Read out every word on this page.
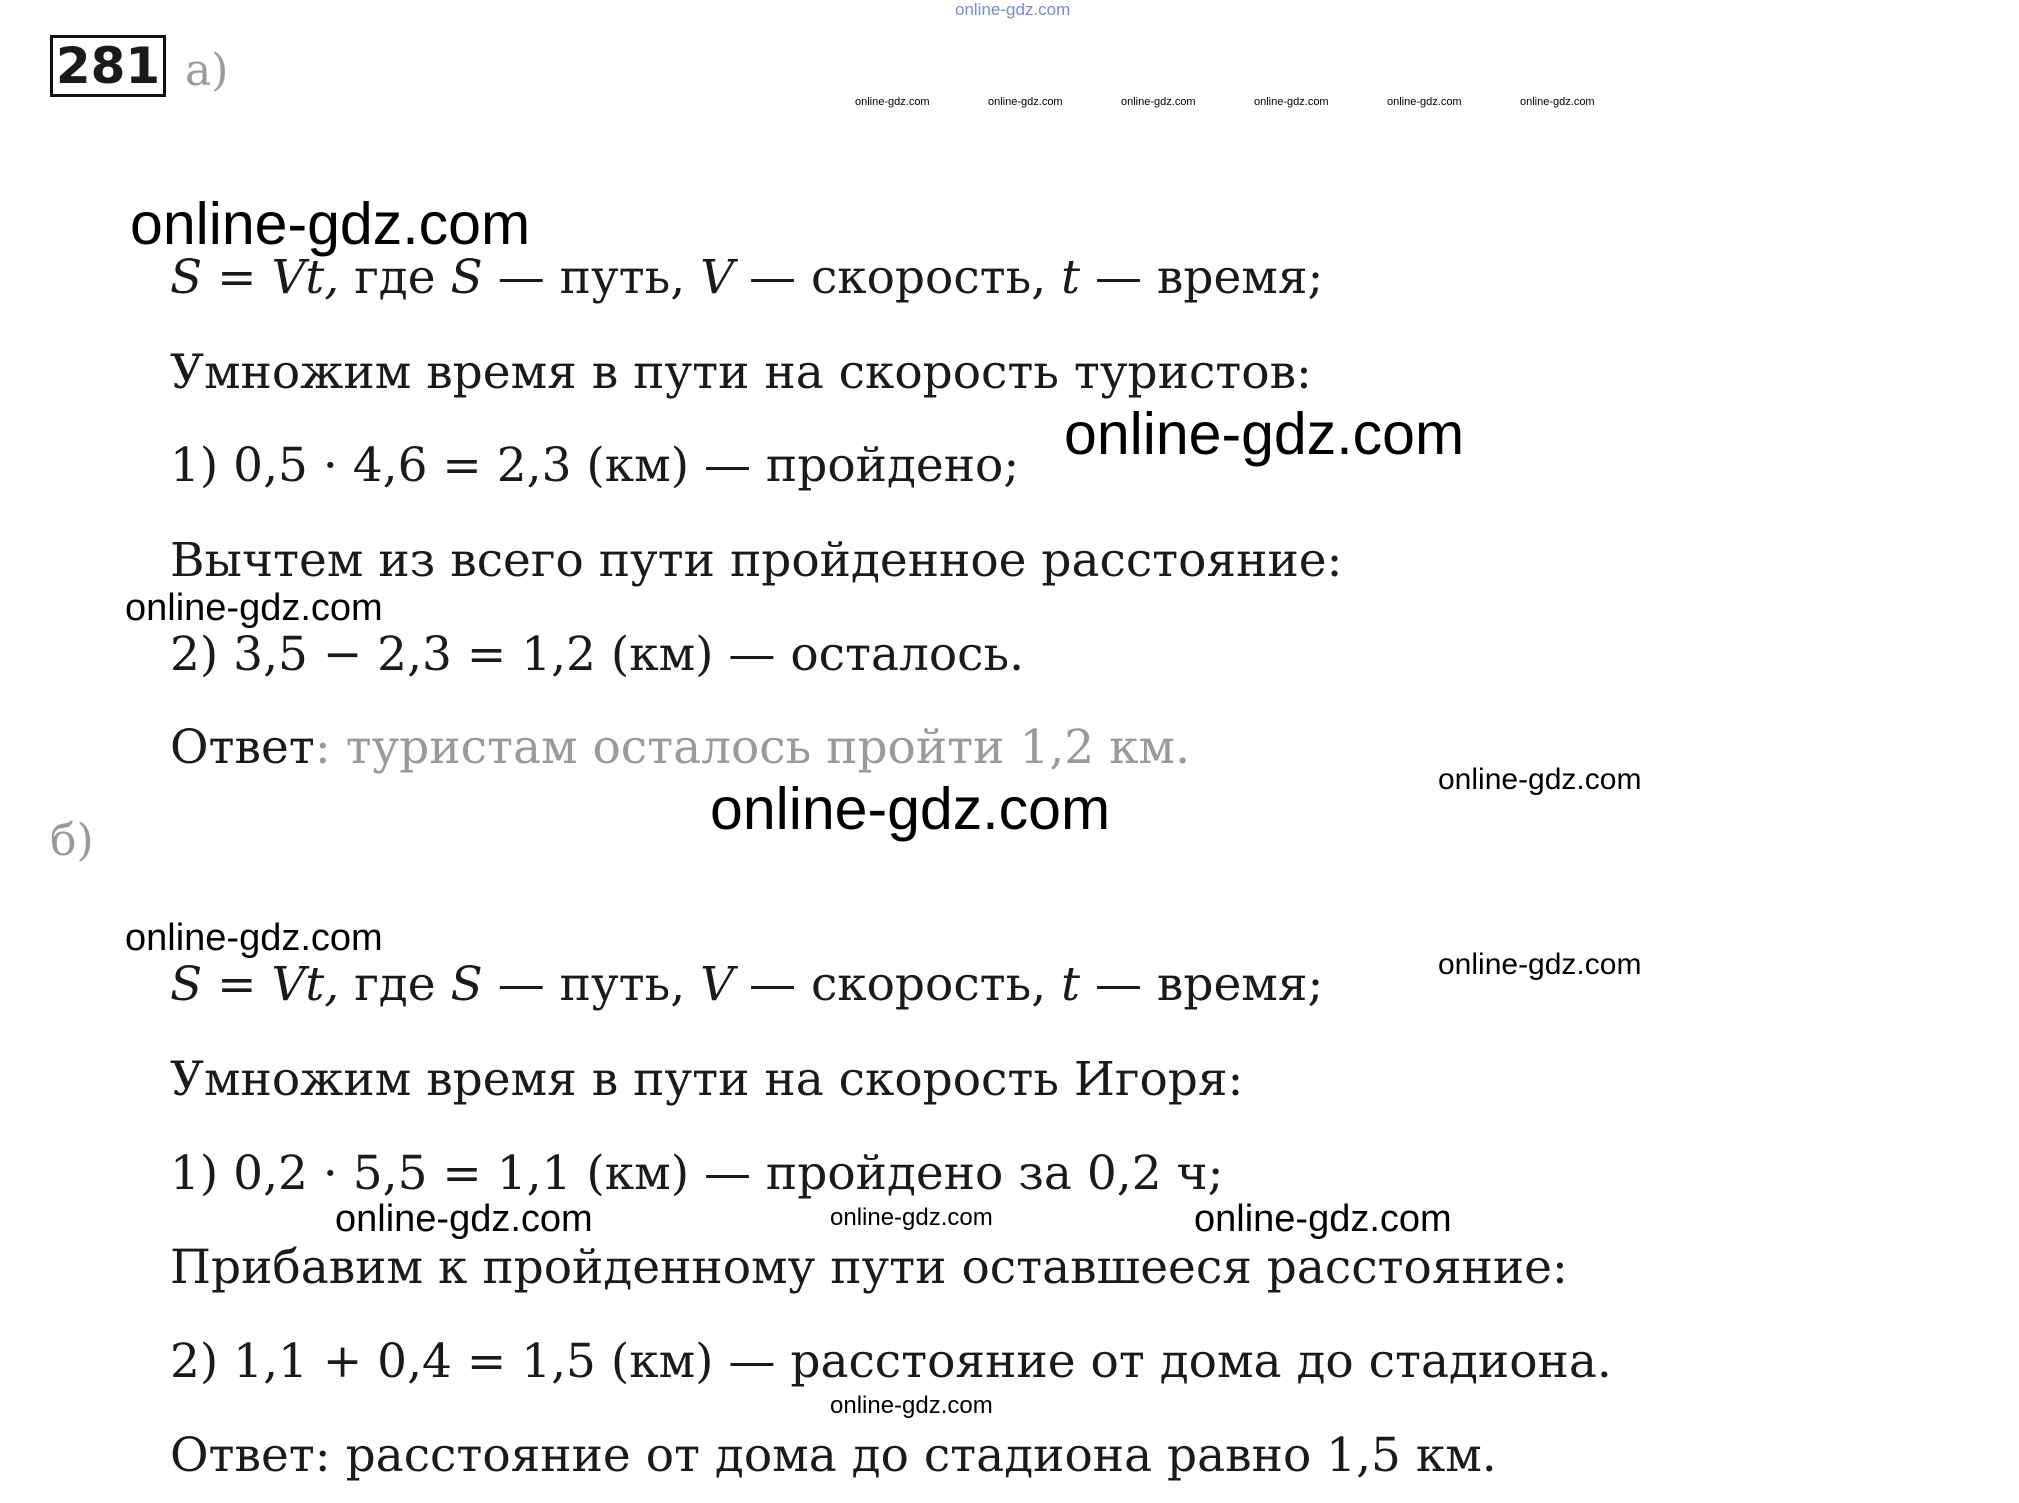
281 а)
б)
S = Vt, где S — путь, V — скорость, t — время;
Умножим время в пути на скорость туристов:
1) 0,5 · 4,6 = 2,3 (км) — пройдено;
Вычтем из всего пути пройденное расстояние:
2) 3,5 − 2,3 = 1,2 (км) — осталось.
Ответ: туристам осталось пройти 1,2 км.
S = Vt, где S — путь, V — скорость, t — время;
Умножим время в пути на скорость Игоря:
1) 0,2 · 5,5 = 1,1 (км) — пройдено за 0,2 ч;
Прибавим к пройденному пути оставшееся расстояние:
2) 1,1 + 0,4 = 1,5 (км) — расстояние от дома до стадиона.
Ответ: расстояние от дома до стадиона равно 1,5 км.
online-gdz.com
online-gdz.com	online-gdz.com	online-gdz.com	online-gdz.com	online-gdz.com	online-gdz.com
online-gdz.com
online-gdz.com
online-gdz.com
online-gdz.com
online-gdz.com
online-gdz.com
online-gdz.com
online-gdz.com	online-gdz.com	online-gdz.com
online-gdz.com
